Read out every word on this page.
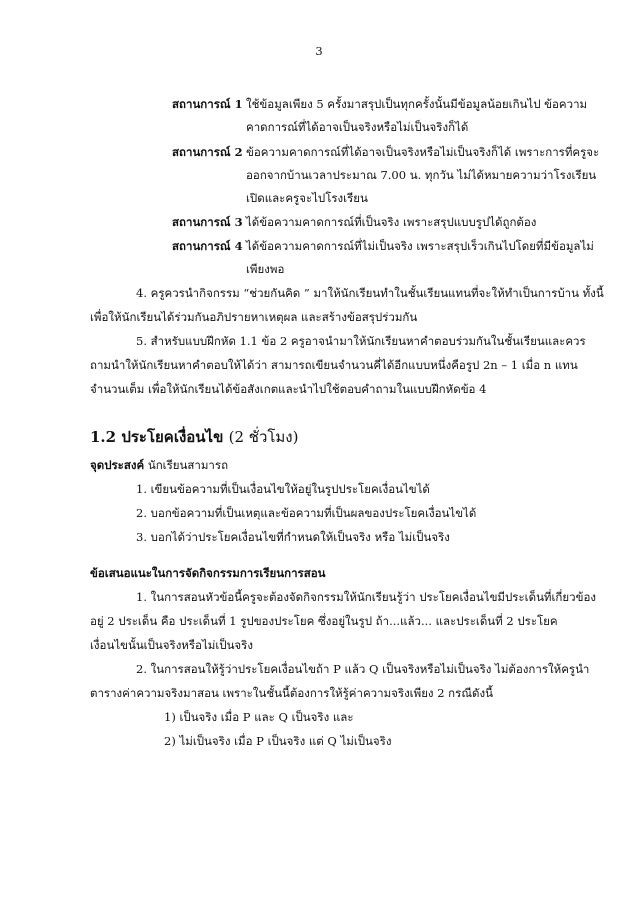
3
สถานการณ์ 1 ใช้ข้อมูลเพียง 5 ครั้งมาสรุปเป็นทุกครั้งนั้นมีข้อมูลน้อยเกินไป ข้อความ
คาดการณ์ที่ได้อาจเป็นจริงหรือไม่เป็นจริงก็ได้
สถานการณ์ 2 ข้อความคาดการณ์ที่ได้อาจเป็นจริงหรือไม่เป็นจริงก็ได้ เพราะการที่ครูจะ
ออกจากบ้านเวลาประมาณ 7.00 น. ทุกวัน ไม่ได้หมายความว่าโรงเรียน
เปิดและครูจะไปโรงเรียน
สถานการณ์ 3 ได้ข้อความคาดการณ์ที่เป็นจริง เพราะสรุปแบบรูปได้ถูกต้อง
สถานการณ์ 4 ได้ข้อความคาดการณ์ที่ไม่เป็นจริง เพราะสรุปเร็วเกินไปโดยที่มีข้อมูลไม่
เพียงพอ
4. ครูควรนำกิจกรรม “ช่วยกันคิด ” มาให้นักเรียนทำในชั้นเรียนแทนที่จะให้ทำเป็นการบ้าน ทั้งนี้
เพื่อให้นักเรียนได้ร่วมกันอภิปรายหาเหตุผล และสร้างข้อสรุปร่วมกัน
5. สำหรับแบบฝึกหัด 1.1 ข้อ 2 ครูอาจนำมาให้นักเรียนหาคำตอบร่วมกันในชั้นเรียนและควร
ถามนำให้นักเรียนหาคำตอบให้ได้ว่า สามารถเขียนจำนวนคี่ได้อีกแบบหนึ่งคือรูป 2n – 1 เมื่อ n แทน
จำนวนเต็ม เพื่อให้นักเรียนได้ข้อสังเกตและนำไปใช้ตอบคำถามในแบบฝึกหัดข้อ 4
1.2 ประโยคเงื่อนไข (2 ชั่วโมง)
จุดประสงค์ นักเรียนสามารถ
1. เขียนข้อความที่เป็นเงื่อนไขให้อยู่ในรูปประโยคเงื่อนไขได้
2. บอกข้อความที่เป็นเหตุและข้อความที่เป็นผลของประโยคเงื่อนไขได้
3. บอกได้ว่าประโยคเงื่อนไขที่กำหนดให้เป็นจริง หรือ ไม่เป็นจริง
ข้อเสนอแนะในการจัดกิจกรรมการเรียนการสอน
1. ในการสอนหัวข้อนี้ครูจะต้องจัดกิจกรรมให้นักเรียนรู้ว่า ประโยคเงื่อนไขมีประเด็นที่เกี่ยวข้อง
อยู่ 2 ประเด็น คือ ประเด็นที่ 1 รูปของประโยค ซึ่งอยู่ในรูป ถ้า...แล้ว... และประเด็นที่ 2 ประโยค
เงื่อนไขนั้นเป็นจริงหรือไม่เป็นจริง
2. ในการสอนให้รู้ว่าประโยคเงื่อนไขถ้า P แล้ว Q เป็นจริงหรือไม่เป็นจริง ไม่ต้องการให้ครูนำ
ตารางค่าความจริงมาสอน เพราะในชั้นนี้ต้องการให้รู้ค่าความจริงเพียง 2 กรณีดังนี้
1) เป็นจริง เมื่อ P และ Q เป็นจริง และ
2) ไม่เป็นจริง เมื่อ P เป็นจริง แต่ Q ไม่เป็นจริง
